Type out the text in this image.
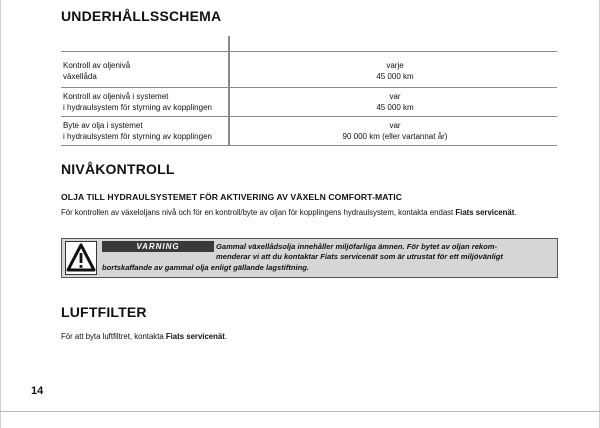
UNDERHÅLLSSCHEMA
Kontroll av oljenivå
växellåda
varje
45 000 km
Kontroll av oljenivå i systemet
i hydraulsystem för styrning av kopplingen
var
45 000 km
Byte av olja i systemet
i hydraulsystem för styrning av kopplingen
var
90 000 km (eller vartannat år)
NIVÅKONTROLL
OLJA TILL HYDRAULSYSTEMET FÖR AKTIVERING AV VÄXELN COMFORT-MATIC
För kontrollen av växeloljans nivå och för en kontroll/byte av oljan för kopplingens hydraulsystem, kontakta endast Fiats servicenät.
VARNING	Gammal växellådsolja innehåller miljöfarliga ämnen. För bytet av oljan rekom-
menderar vi att du kontaktar Fiats servicenät som är utrustat för ett miljövänligt
bortskaffande av gammal olja enligt gällande lagstiftning.
LUFTFILTER
För att byta luftfiltret, kontakta Fiats servicenät.
14
